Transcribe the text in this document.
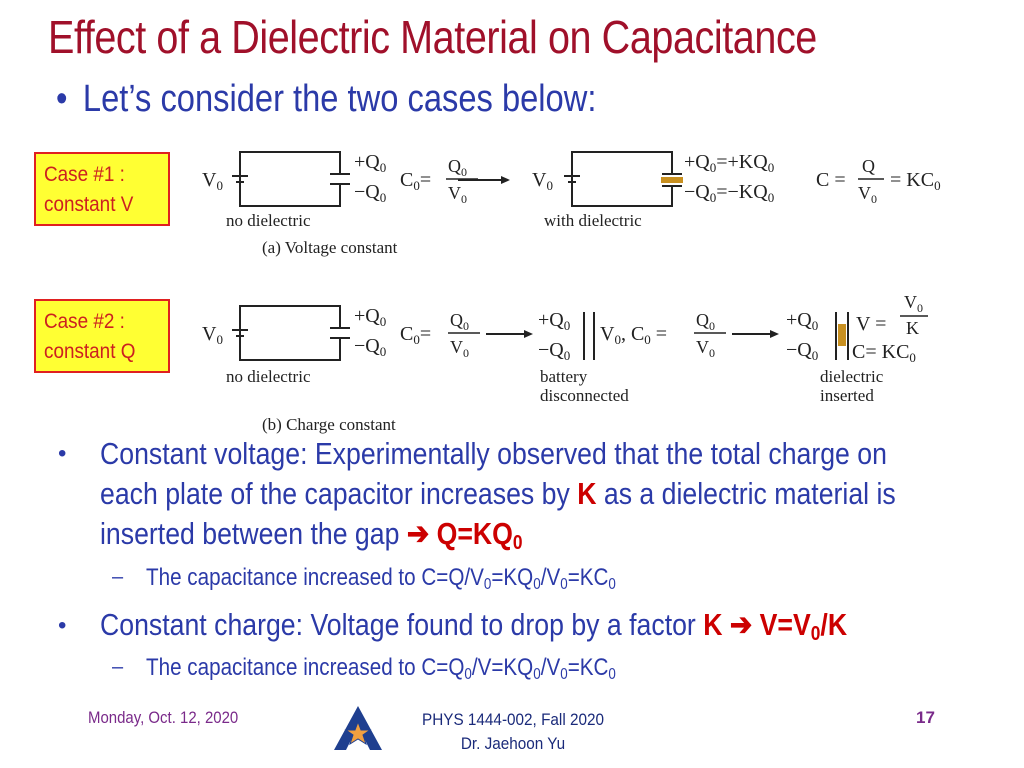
Effect of a Dielectric Material on Capacitance
• Let’s consider the two cases below:
Case #1 :
constant V
Case #2 :
constant Q
$V_0$
$+Q_0$
$-Q_0$
$C_0=$
$Q_0$
$V_0$
$V_0$
$+Q_0=+KQ_0$
$-Q_0=-KQ_0$
C =
Q
$V_0$
= $KC_0$
no dielectric	with dielectric
(a) Voltage constant
$V_0$
$+Q_0$
$-Q_0$
$C_0=$
$Q_0$
$V_0$
$+Q_0$
$-Q_0$
$V_0$, $C_0$ =
$Q_0$
$V_0$
$+Q_0$
$-Q_0$
V =
$V_0$
K
$C= KC_0$
no dielectric	battery
disconnected
dielectric
inserted
(b) Charge constant
• Constant voltage: Experimentally observed that the total charge on
each plate of the capacitor increases by K as a dielectric material is
inserted between the gap ➔ $Q=KQ_0$
– The capacitance increased to $C=Q/V_0=KQ_0/V_0=KC_0$
• Constant charge: Voltage found to drop by a factor K ➔ $V=V_0/K$
– The capacitance increased to $C=Q_0/V=KQ_0/V_0=KC_0$
Monday, Oct. 12, 2020	PHYS 1444-002, Fall 2020
Dr. Jaehoon Yu
17
